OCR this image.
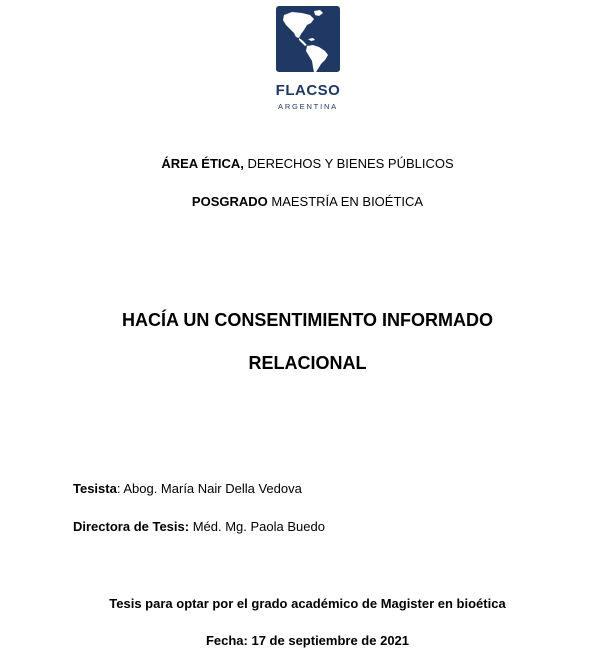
FLACSO
ARGENTINA
ÁREA ÉTICA, DERECHOS Y BIENES PÚBLICOS
POSGRADO MAESTRÍA EN BIOÉTICA
HACÍA UN CONSENTIMIENTO INFORMADO
RELACIONAL
Tesista: Abog. María Nair Della Vedova
Directora de Tesis: Méd. Mg. Paola Buedo
Tesis para optar por el grado académico de Magister en bioética
Fecha: 17 de septiembre de 2021
